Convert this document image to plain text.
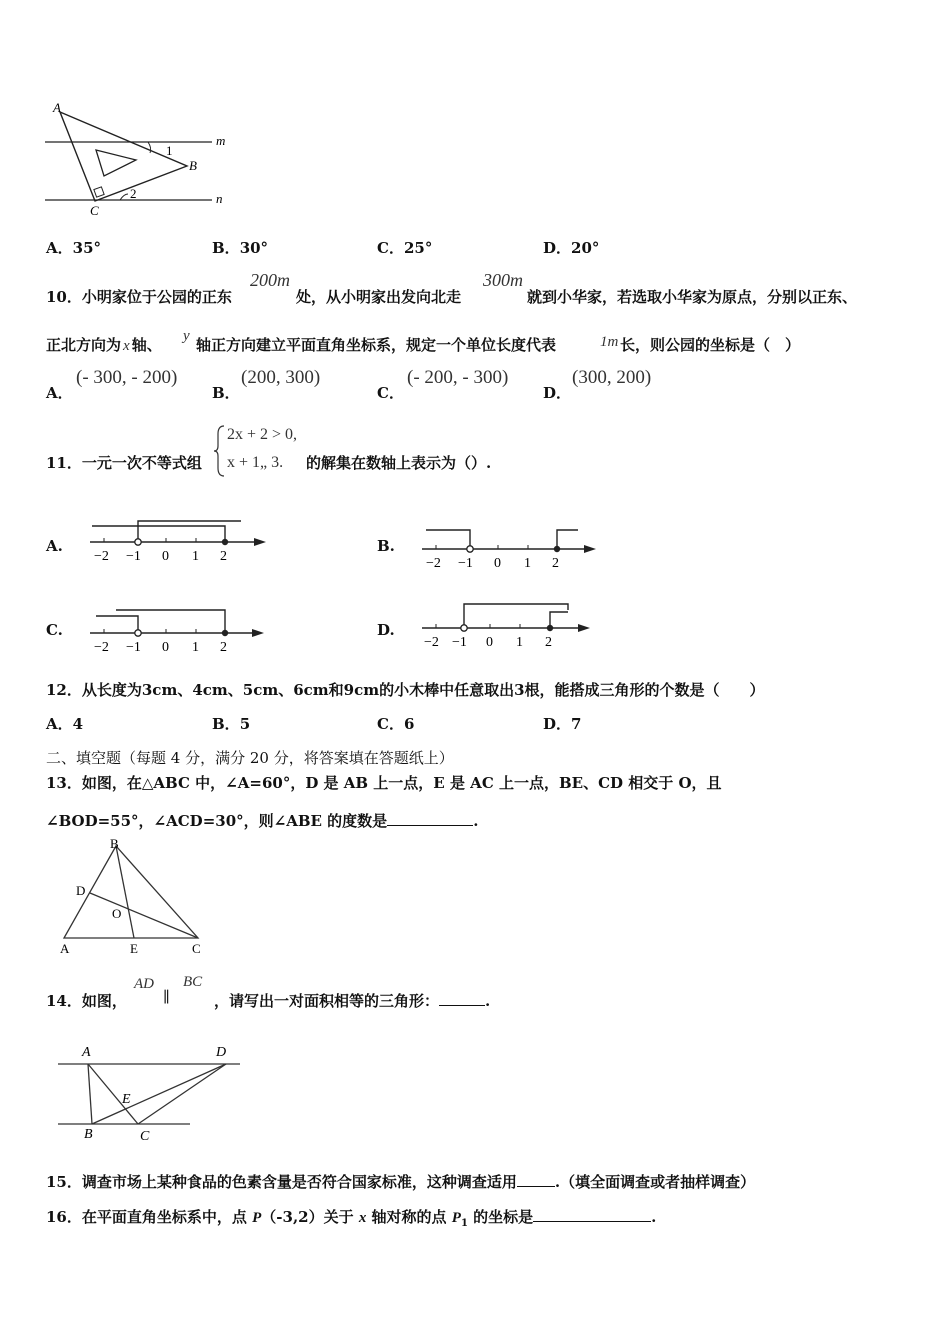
A
B
C
m
n
1
2
A．35°	B．30°	C．25°	D．20°
10．小明家位于公园的正东
200m
处，从小明家出发向北走
300m
就到小华家，若选取小华家为原点，分别以正东、
正北方向为 x 轴、 y 轴正方向建立平面直角坐标系，规定一个单位长度代表	1m 长，则公园的坐标是（　）
A．
(- 300, - 200)
B．
(200, 300)
C．
(- 200, - 300)
D．
(300, 200)
11．一元一次不等式组
2x + 2 > 0,
x + 1„ 3. 的解集在数轴上表示为（）.
A.
−2 −1 0 1 2
B.
−2 −1 0 1 2
C.
−2 −1 0 1 2
D.
−2 −1 0 1 2
12．从长度为3cm、4cm、5cm、6cm和9cm的小木棒中任意取出3根，能搭成三角形的个数是（　　）
A．4	B．5	C．6	D．7
二、填空题（每题 4 分，满分 20 分，将答案填在答题纸上）
13．如图，在△ABC 中，∠A=60°，D 是 AB 上一点，E 是 AC 上一点，BE、CD 相交于 O，且
∠BOD=55°，∠ACD=30°，则∠ABE 的度数是	.
B
D
O
A	E	C
14．如图，
AD
∥
BC
，请写出一对面积相等的三角形：	.
A	D
E
B	C
15．调查市场上某种食品的色素含量是否符合国家标准，这种调查适用	.（填全面调查或者抽样调查）
16．在平面直角坐标系中，点 P（-3,2）关于 x 轴对称的点 $P_1$ 的坐标是	.
